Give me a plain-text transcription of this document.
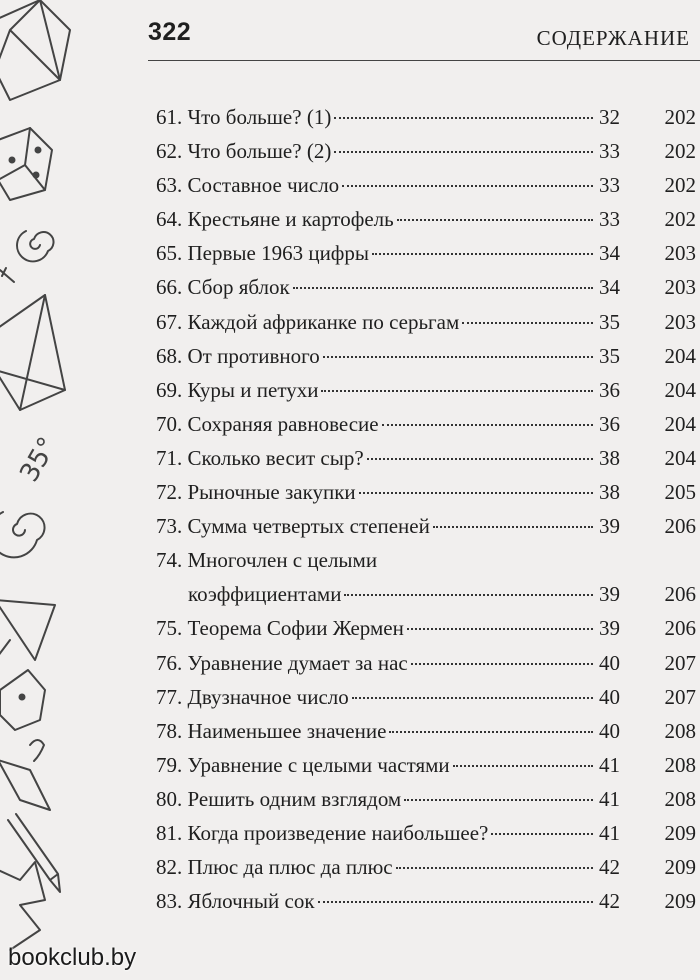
35°
322	СОДЕРЖАНИЕ
61. Что больше? (1)	32	202
62. Что больше? (2)	33	202
63. Составное число	33	202
64. Крестьяне и картофель	33	202
65. Первые 1963 цифры	34	203
66. Сбор яблок	34	203
67. Каждой африканке по серьгам	35	203
68. От противного	35	204
69. Куры и петухи	36	204
70. Сохраняя равновесие	36	204
71. Сколько весит сыр?	38	204
72. Рыночные закупки	38	205
73. Сумма четвертых степеней	39	206
74. Многочлен с целыми
коэффициентами	39	206
75. Теорема Софии Жермен	39	206
76. Уравнение думает за нас	40	207
77. Двузначное число	40	207
78. Наименьшее значение	40	208
79. Уравнение с целыми частями	41	208
80. Решить одним взглядом	41	208
81. Когда произведение наибольшее?	41	209
82. Плюс да плюс да плюс	42	209
83. Яблочный сок	42	209
bookclub.by
